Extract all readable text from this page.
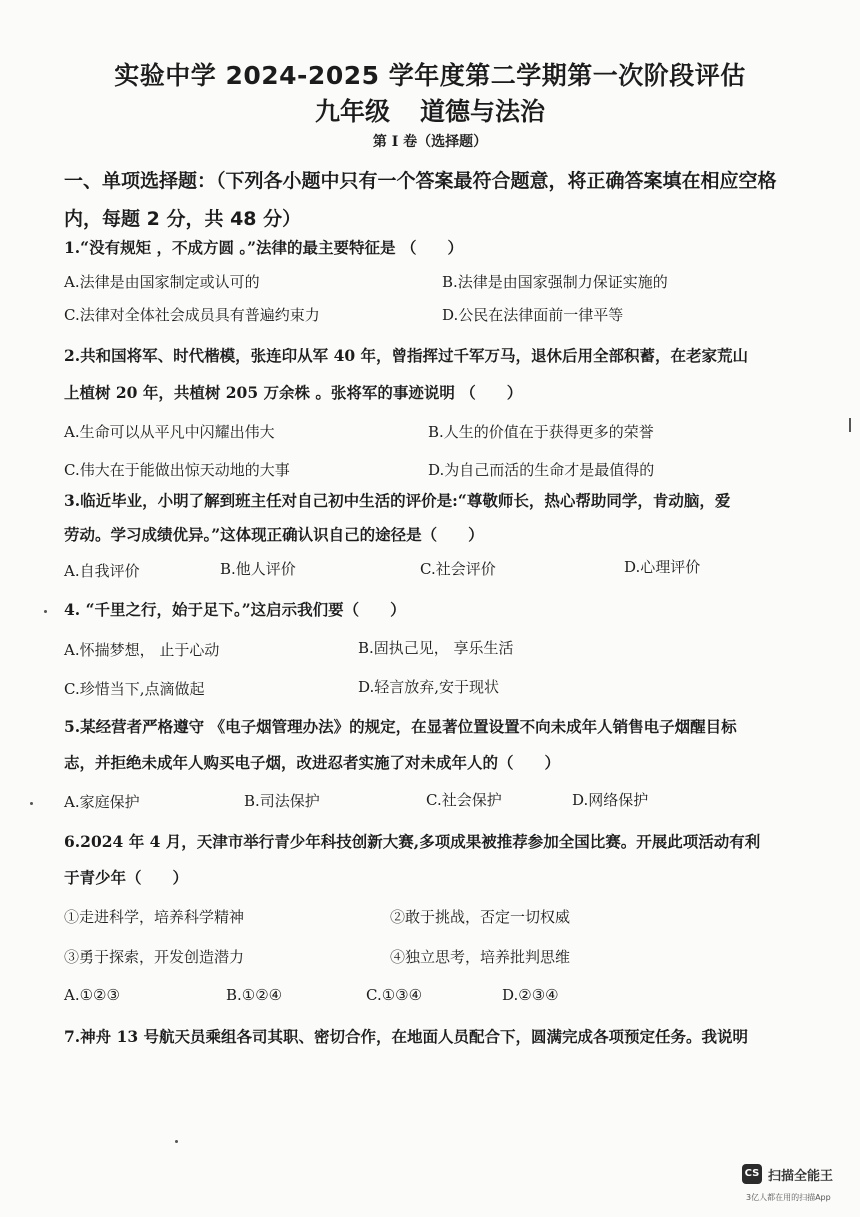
实验中学 2024-2025 学年度第二学期第一次阶段评估
九年级 道德与法治
第 I 卷（选择题）
一、单项选择题：（下列各小题中只有一个答案最符合题意，将正确答案填在相应空格
内，每题 2 分，共 48 分）
1.“没有规矩 ，不成方圆 。”法律的最主要特征是 （　　）
A.法律是由国家制定或认可的	B.法律是由国家强制力保证实施的
C.法律对全体社会成员具有普遍约束力	D.公民在法律面前一律平等
2.共和国将军、时代楷模，张连印从军 40 年，曾指挥过千军万马，退休后用全部积蓄，在老家荒山
上植树 20 年，共植树 205 万余株 。张将军的事迹说明 （　　）
A.生命可以从平凡中闪耀出伟大	B.人生的价值在于获得更多的荣誉
C.伟大在于能做出惊天动地的大事	D.为自己而活的生命才是最值得的
3.临近毕业，小明了解到班主任对自己初中生活的评价是:“尊敬师长，热心帮助同学，肯动脑，爱
劳动。学习成绩优异。”这体现正确认识自己的途径是（　　）
A.自我评价	B.他人评价	C.社会评价	D.心理评价
4. “千里之行，始于足下。”这启示我们要（　　）
A.怀揣梦想， 止于心动	B.固执己见， 享乐生活
C.珍惜当下,点滴做起	D.轻言放弃,安于现状
5.某经营者严格遵守 《电子烟管理办法》的规定，在显著位置设置不向未成年人销售电子烟醒目标
志，并拒绝未成年人购买电子烟，改进忍者实施了对未成年人的（　　）
A.家庭保护	B.司法保护	C.社会保护	D.网络保护
6.2024 年 4 月，天津市举行青少年科技创新大赛,多项成果被推荐参加全国比赛。开展此项活动有利
于青少年（　　）
①走进科学，培养科学精神	②敢于挑战，否定一切权威
③勇于探索，开发创造潜力	④独立思考，培养批判思维
A.①②③	B.①②④	C.①③④	D.②③④
7.神舟 13 号航天员乘组各司其职、密切合作，在地面人员配合下，圆满完成各项预定任务。我说明
CS 扫描全能王
3亿人都在用的扫描App
